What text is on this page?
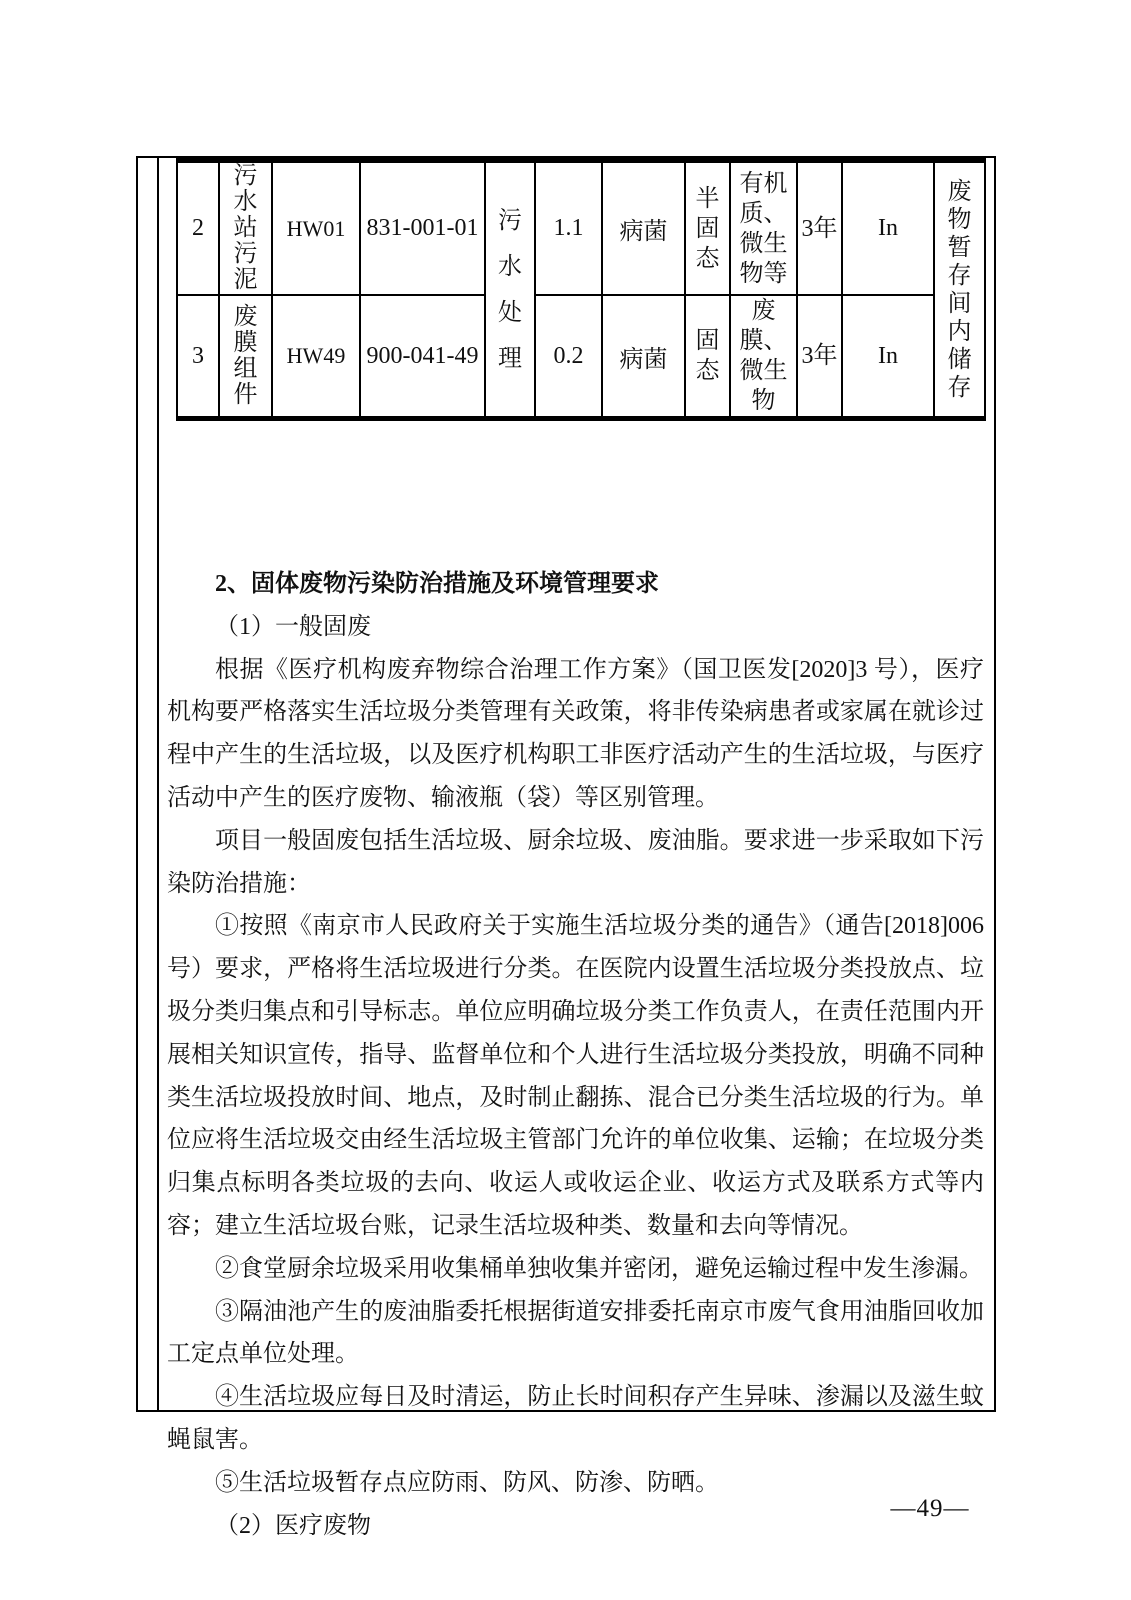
2	污水站污泥	HW01	831-001-01	污水处理	1.1	病菌	半固态	有机质、微生物等	3年	In	废物暂存间内储存
3	废膜组件	HW49	900-041-49		0.2	病菌	固态	废膜、微生物	3年	In	

2、固体废物污染防治措施及环境管理要求

（1）一般固废

根据《医疗机构废弃物综合治理工作方案》（国卫医发[2020]3 号），医疗机构要严格落实生活垃圾分类管理有关政策，将非传染病患者或家属在就诊过程中产生的生活垃圾，以及医疗机构职工非医疗活动产生的生活垃圾，与医疗活动中产生的医疗废物、输液瓶（袋）等区别管理。

项目一般固废包括生活垃圾、厨余垃圾、废油脂。要求进一步采取如下污染防治措施：

①按照《南京市人民政府关于实施生活垃圾分类的通告》（通告[2018]006 号）要求，严格将生活垃圾进行分类。在医院内设置生活垃圾分类投放点、垃圾分类归集点和引导标志。单位应明确垃圾分类工作负责人，在责任范围内开展相关知识宣传，指导、监督单位和个人进行生活垃圾分类投放，明确不同种类生活垃圾投放时间、地点，及时制止翻拣、混合已分类生活垃圾的行为。单位应将生活垃圾交由经生活垃圾主管部门允许的单位收集、运输；在垃圾分类归集点标明各类垃圾的去向、收运人或收运企业、收运方式及联系方式等内容；建立生活垃圾台账，记录生活垃圾种类、数量和去向等情况。

②食堂厨余垃圾采用收集桶单独收集并密闭，避免运输过程中发生渗漏。

③隔油池产生的废油脂委托根据街道安排委托南京市废气食用油脂回收加工定点单位处理。

④生活垃圾应每日及时清运，防止长时间积存产生异味、渗漏以及滋生蚊蝇鼠害。

⑤生活垃圾暂存点应防雨、防风、防渗、防晒。

（2）医疗废物

—49—
